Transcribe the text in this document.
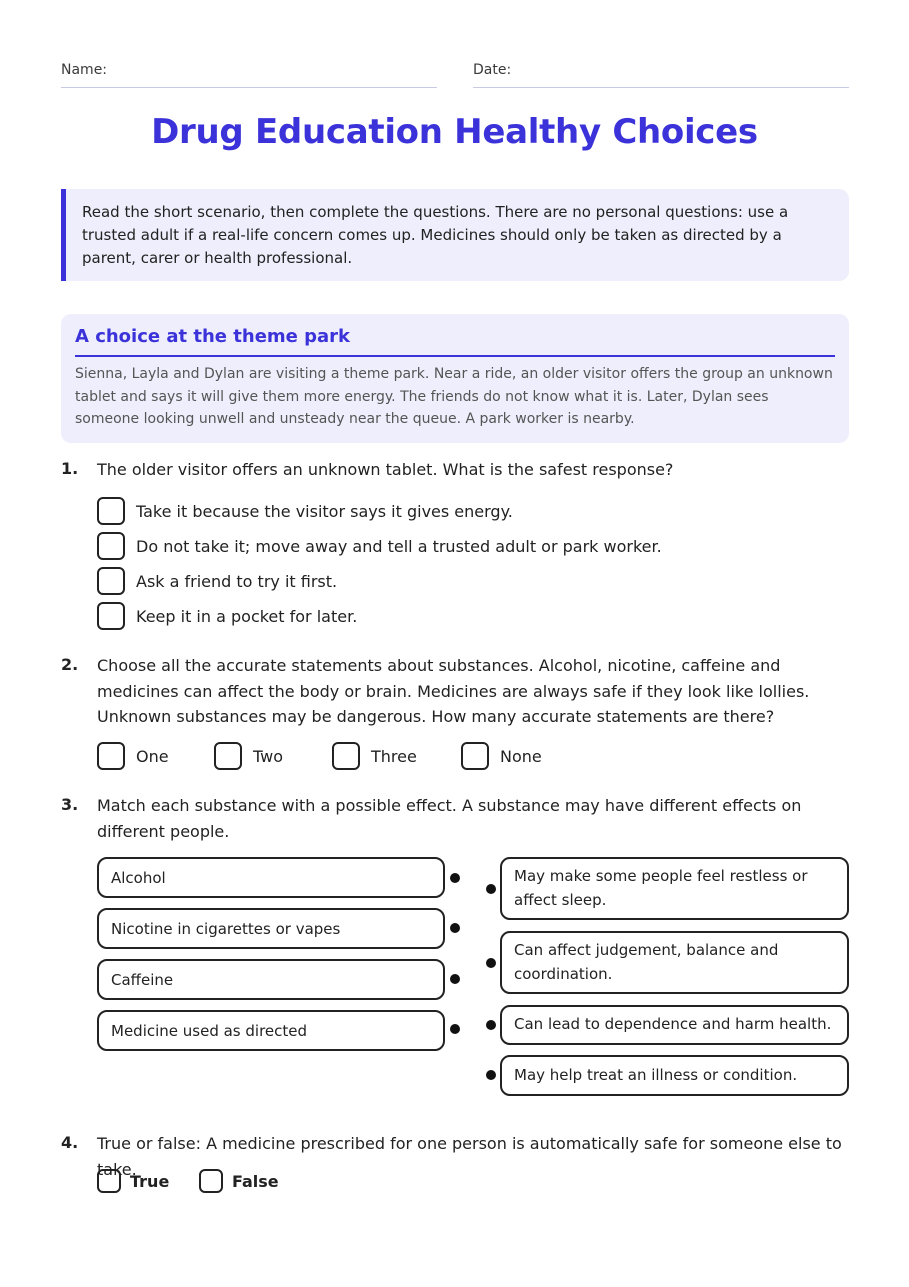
Name:	Date:
Drug Education Healthy Choices
Read the short scenario, then complete the questions. There are no personal questions: use a trusted adult if a real-life concern comes up. Medicines should only be taken as directed by a parent, carer or health professional.
A choice at the theme park
Sienna, Layla and Dylan are visiting a theme park. Near a ride, an older visitor offers the group an unknown tablet and says it will give them more energy. The friends do not know what it is. Later, Dylan sees someone looking unwell and unsteady near the queue. A park worker is nearby.
1. The older visitor offers an unknown tablet. What is the safest response?
Take it because the visitor says it gives energy.
Do not take it; move away and tell a trusted adult or park worker.
Ask a friend to try it first.
Keep it in a pocket for later.
2. Choose all the accurate statements about substances. Alcohol, nicotine, caffeine and medicines can affect the body or brain. Medicines are always safe if they look like lollies. Unknown substances may be dangerous. How many accurate statements are there?
One	Two	Three	None
3. Match each substance with a possible effect. A substance may have different effects on different people.
Alcohol
Nicotine in cigarettes or vapes
Caffeine
Medicine used as directed
May make some people feel restless or affect sleep.
Can affect judgement, balance and coordination.
Can lead to dependence and harm health.
May help treat an illness or condition.
4. True or false: A medicine prescribed for one person is automatically safe for someone else to take.
True	False
